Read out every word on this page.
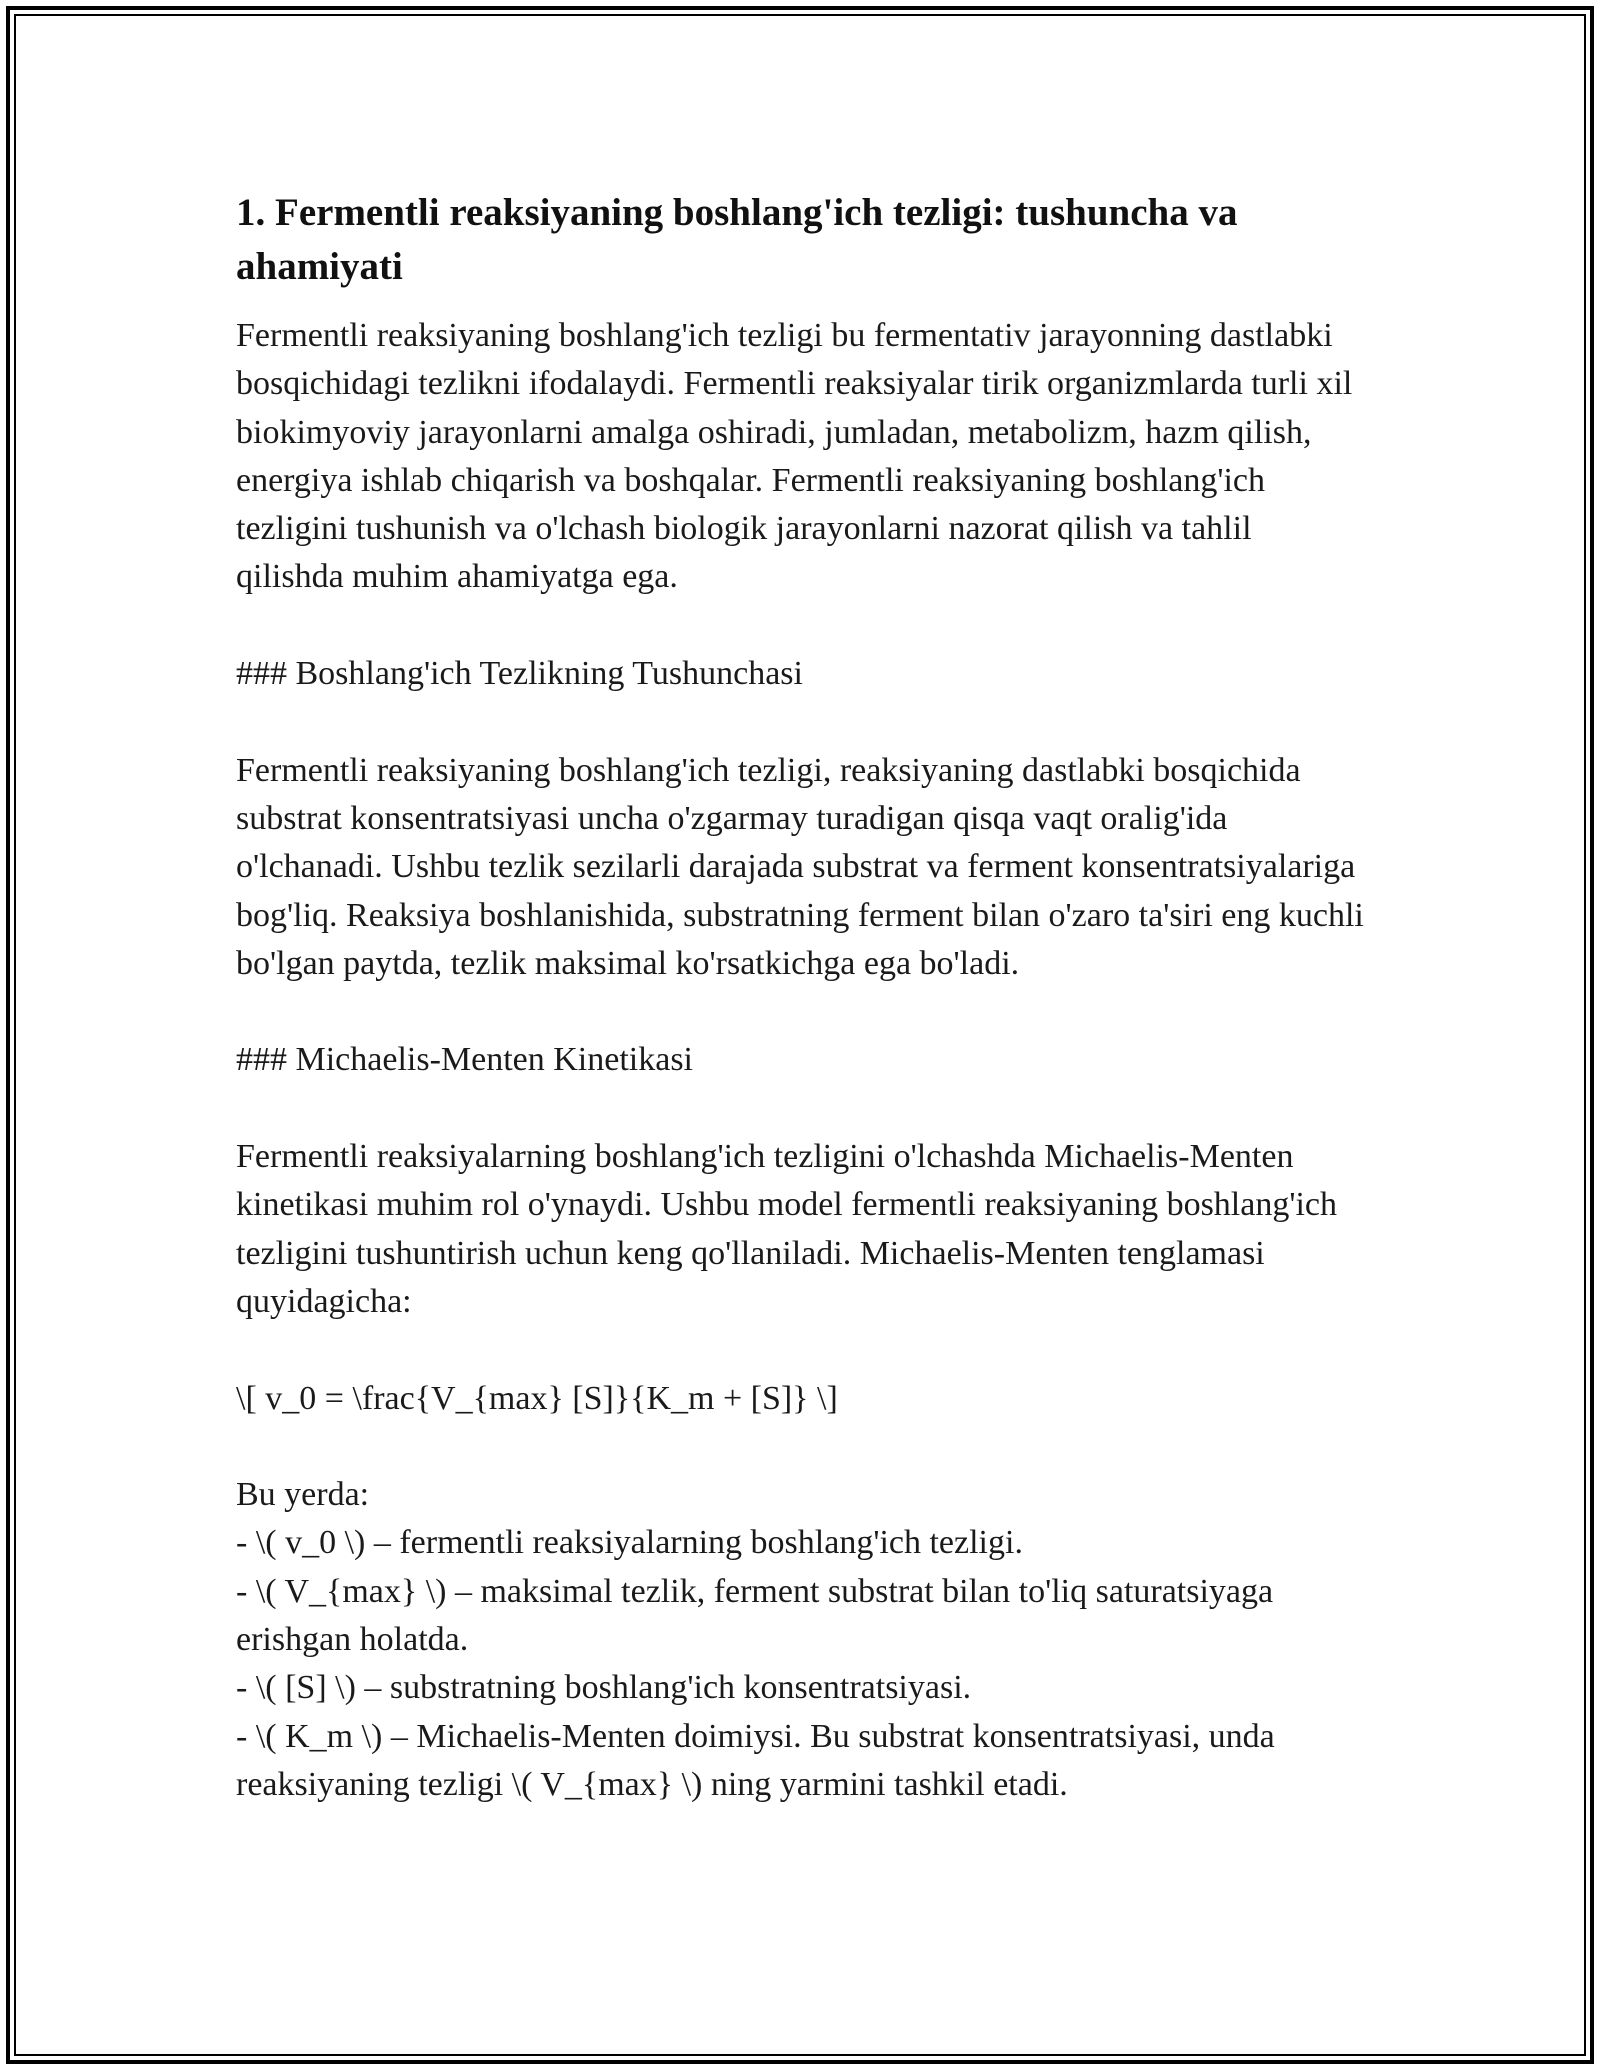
1. Fermentli reaksiyaning boshlang'ich tezligi: tushuncha va ahamiyati

Fermentli reaksiyaning boshlang'ich tezligi bu fermentativ jarayonning dastlabki bosqichidagi tezlikni ifodalaydi. Fermentli reaksiyalar tirik organizmlarda turli xil biokimyoviy jarayonlarni amalga oshiradi, jumladan, metabolizm, hazm qilish, energiya ishlab chiqarish va boshqalar. Fermentli reaksiyaning boshlang'ich tezligini tushunish va o'lchash biologik jarayonlarni nazorat qilish va tahlil qilishda muhim ahamiyatga ega.

### Boshlang'ich Tezlikning Tushunchasi

Fermentli reaksiyaning boshlang'ich tezligi, reaksiyaning dastlabki bosqichida substrat konsentratsiyasi uncha o'zgarmay turadigan qisqa vaqt oralig'ida o'lchanadi. Ushbu tezlik sezilarli darajada substrat va ferment konsentratsiyalariga bog'liq. Reaksiya boshlanishida, substratning ferment bilan o'zaro ta'siri eng kuchli bo'lgan paytda, tezlik maksimal ko'rsatkichga ega bo'ladi.

### Michaelis-Menten Kinetikasi

Fermentli reaksiyalarning boshlang'ich tezligini o'lchashda Michaelis-Menten kinetikasi muhim rol o'ynaydi. Ushbu model fermentli reaksiyaning boshlang'ich tezligini tushuntirish uchun keng qo'llaniladi. Michaelis-Menten tenglamasi quyidagicha:

\[ v_0 = \frac{V_{max} [S]}{K_m + [S]} \]

Bu yerda:
- \( v_0 \) – fermentli reaksiyalarning boshlang'ich tezligi.
- \( V_{max} \) – maksimal tezlik, ferment substrat bilan to'liq saturatsiyaga erishgan holatda.
- \( [S] \) – substratning boshlang'ich konsentratsiyasi.
- \( K_m \) – Michaelis-Menten doimiysi. Bu substrat konsentratsiyasi, unda reaksiyaning tezligi \( V_{max} \) ning yarmini tashkil etadi.
